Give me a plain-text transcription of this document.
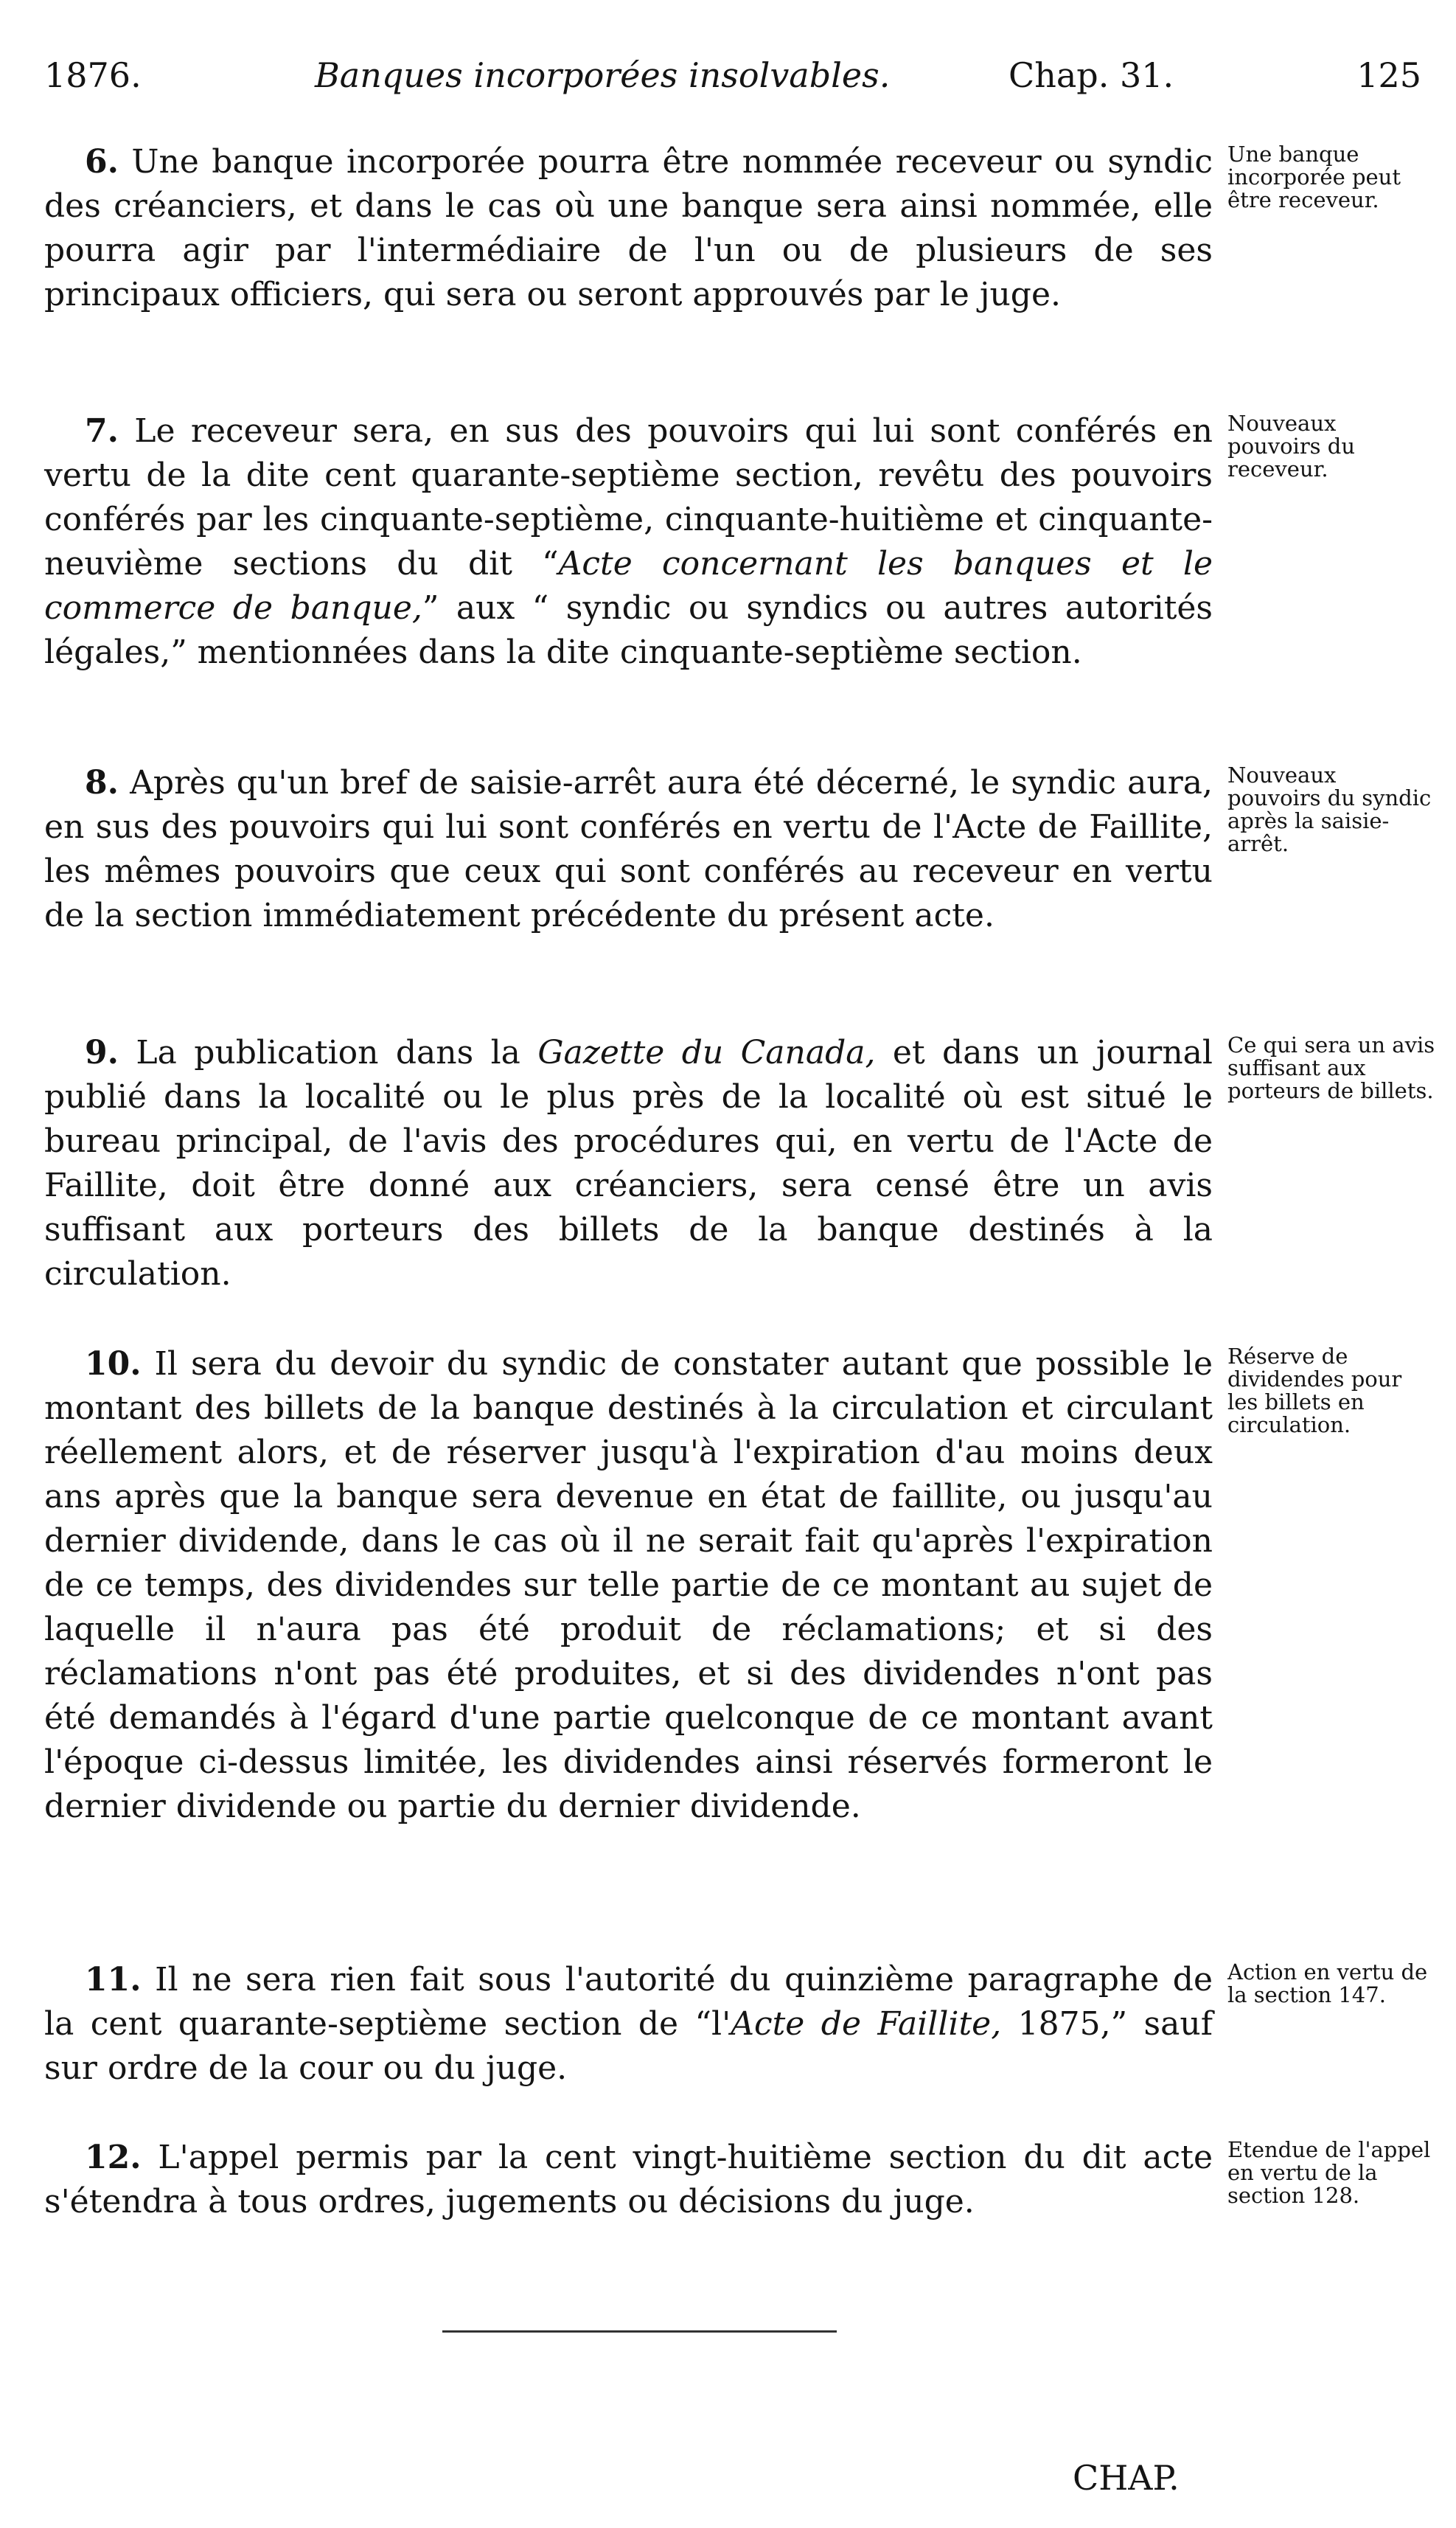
1876.	Banques incorporées insolvables.	Chap. 31.	125

6. Une banque incorporée pourra être nommée receveur ou syndic des créanciers, et dans le cas où une banque sera ainsi nommée, elle pourra agir par l'intermédiaire de l'un ou de plusieurs de ses principaux officiers, qui sera ou seront approuvés par le juge.

Une banque incorporée peut être receveur.

7. Le receveur sera, en sus des pouvoirs qui lui sont conférés en vertu de la dite cent quarante-septième section, revêtu des pouvoirs conférés par les cinquante-septième, cinquante-huitième et cinquante-neuvième sections du dit “Acte concernant les banques et le commerce de banque,” aux “ syndic ou syndics ou autres autorités légales,” mentionnées dans la dite cinquante-septième section.

Nouveaux pouvoirs du receveur.

8. Après qu'un bref de saisie-arrêt aura été décerné, le syndic aura, en sus des pouvoirs qui lui sont conférés en vertu de l'Acte de Faillite, les mêmes pouvoirs que ceux qui sont conférés au receveur en vertu de la section immédiatement précédente du présent acte.

Nouveaux pouvoirs du syndic après la saisie-arrêt.

9. La publication dans la Gazette du Canada, et dans un journal publié dans la localité ou le plus près de la localité où est situé le bureau principal, de l'avis des procédures qui, en vertu de l'Acte de Faillite, doit être donné aux créanciers, sera censé être un avis suffisant aux porteurs des billets de la banque destinés à la circulation.

Ce qui sera un avis suffisant aux porteurs de billets.

10. Il sera du devoir du syndic de constater autant que possible le montant des billets de la banque destinés à la circulation et circulant réellement alors, et de réserver jusqu'à l'expiration d'au moins deux ans après que la banque sera devenue en état de faillite, ou jusqu'au dernier dividende, dans le cas où il ne serait fait qu'après l'expiration de ce temps, des dividendes sur telle partie de ce montant au sujet de laquelle il n'aura pas été produit de réclamations; et si des réclamations n'ont pas été produites, et si des dividendes n'ont pas été demandés à l'égard d'une partie quelconque de ce montant avant l'époque ci-dessus limitée, les dividendes ainsi réservés formeront le dernier dividende ou partie du dernier dividende.

Réserve de dividendes pour les billets en circulation.

11. Il ne sera rien fait sous l'autorité du quinzième paragraphe de la cent quarante-septième section de “l'Acte de Faillite, 1875,” sauf sur ordre de la cour ou du juge.

Action en vertu de la section 147.

12. L'appel permis par la cent vingt-huitième section du dit acte s'étendra à tous ordres, jugements ou décisions du juge.

Etendue de l'appel en vertu de la section 128.
CHAP.
